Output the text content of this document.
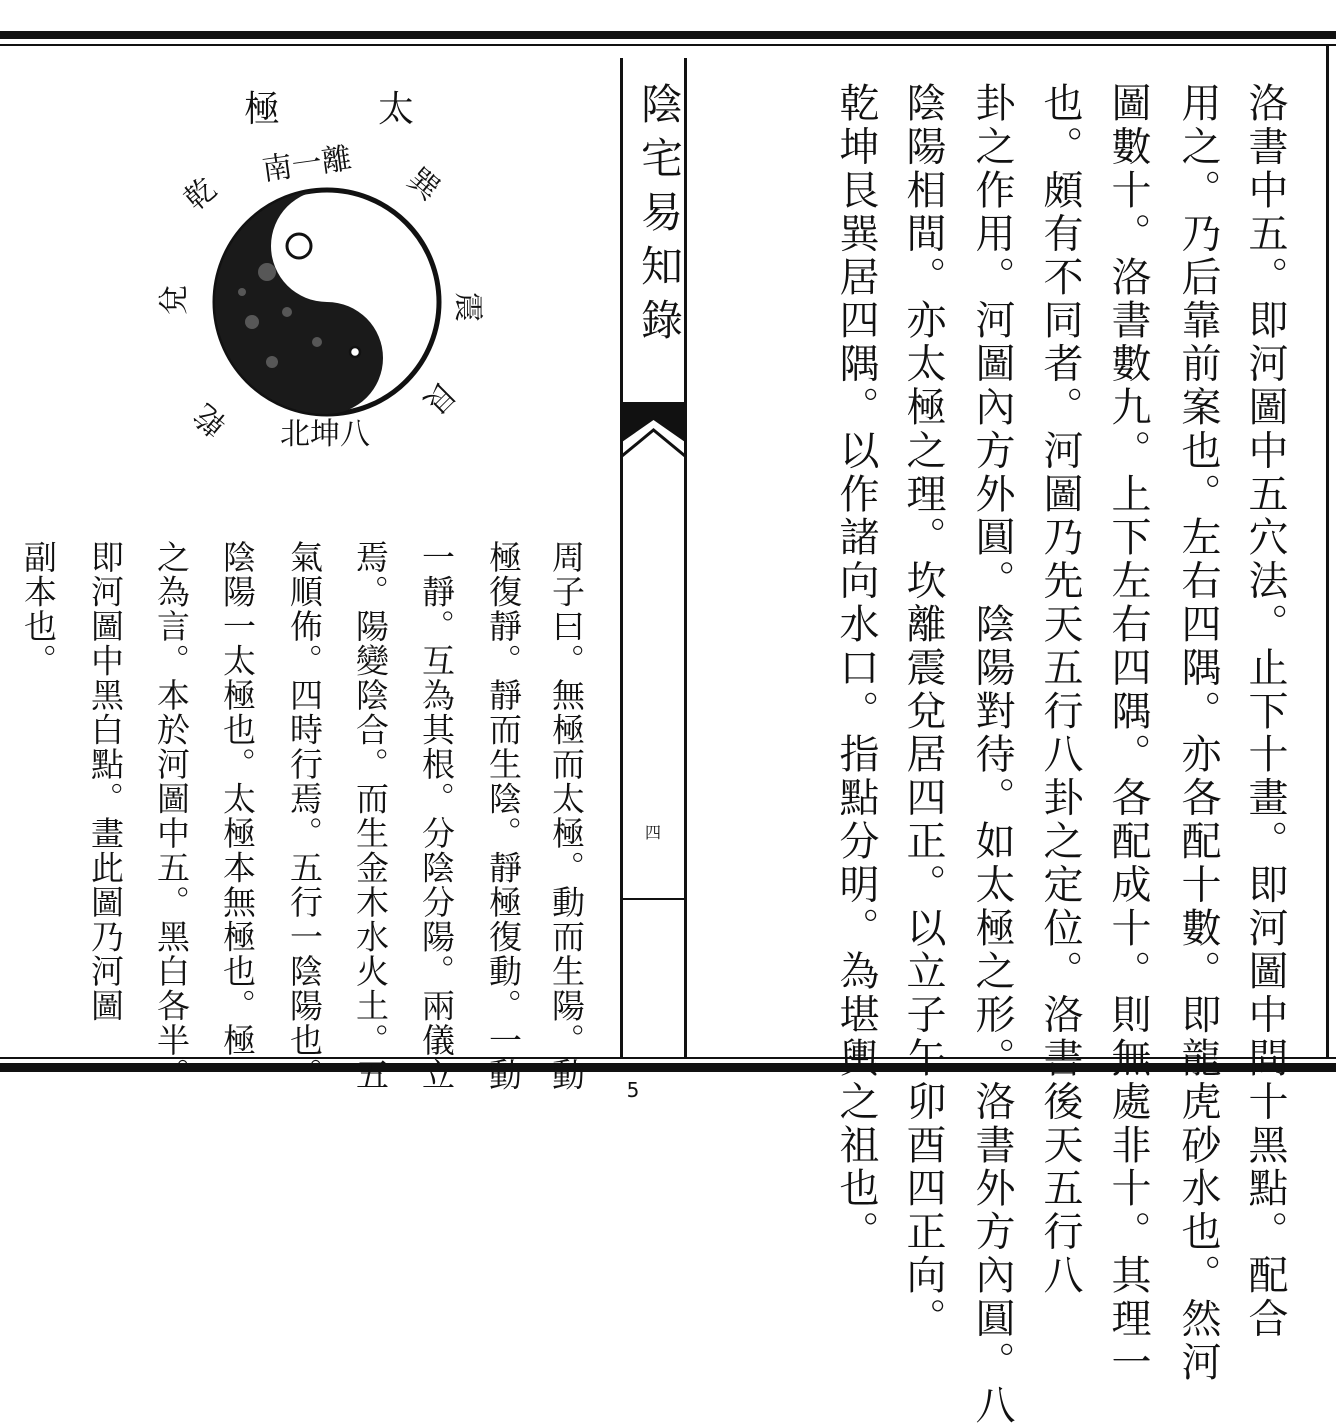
陰宅易知錄
四	洛書中五。即河圖中五穴法。止下十畫。即河圖中間十黑點。配合
用之。乃后靠前案也。左右四隅。亦各配十數。即龍虎砂水也。然河
圖數十。洛書數九。上下左右四隅。各配成十。則無處非十。其理一
也。頗有不同者。河圖乃先天五行八卦之定位。洛書後天五行八
卦之作用。河圖內方外圓。陰陽對待。如太極之形。洛書外方內圓。八
陰陽相間。亦太極之理。坎離震兌居四正。以立子午卯酉四正向。
乾坤艮巽居四隅。以作諸向水口。指點分明。為堪輿之祖也。
極	太
南一離 巽
乾
兌	震
艮
乾 北坤八
周子曰。無極而太極。動而生陽。動
極復靜。靜而生陰。靜極復動。一動
一靜。互為其根。分陰分陽。兩儀立
焉。陽變陰合。而生金木水火土。五
氣順佈。四時行焉。五行一陰陽也。
陰陽一太極也。太極本無極也。極
之為言。本於河圖中五。黑白各半。
即河圖中黑白點。畫此圖乃河圖
副本也。
5
